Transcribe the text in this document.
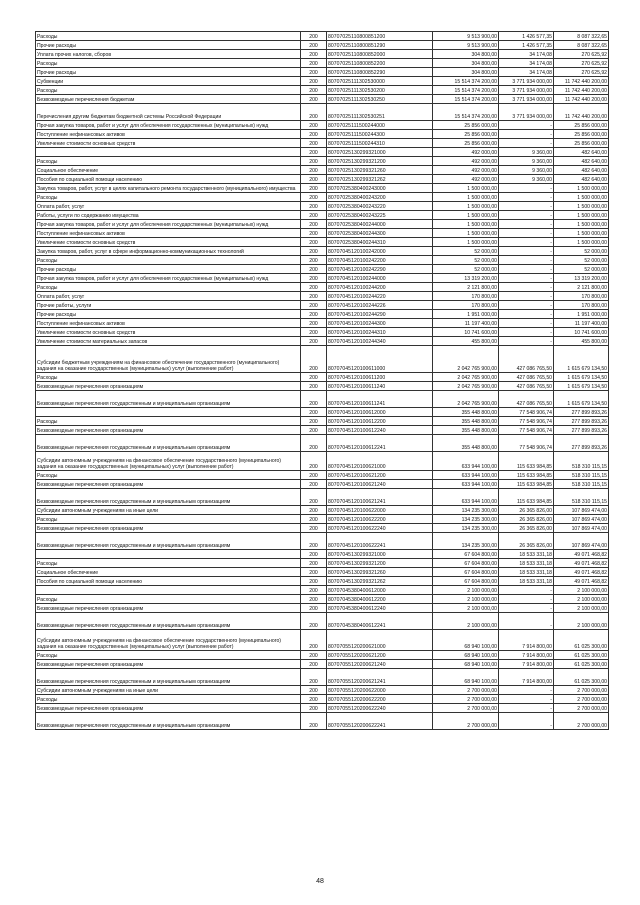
Расходы	200	80707025110800851200	9 513 900,00	1 426 577,35	8 087 322,65
Прочие расходы	200	80707025110800851290	9 513 900,00	1 426 577,35	8 087 322,65
Уплата прочих налогов, сборов	200	80707025110800852000	304 800,00	34 174,08	270 625,92
Расходы	200	80707025110800852200	304 800,00	34 174,08	270 625,92
Прочие расходы	200	80707025110800852290	304 800,00	34 174,08	270 625,92
Субвенции	200	80707025111302530000	15 514 374 200,00	3 771 934 000,00	11 742 440 200,00
Расходы	200	80707025111302530200	15 514 374 200,00	3 771 934 000,00	11 742 440 200,00
Безвозмездные перечисления бюджетам	200	80707025111302530250	15 514 374 200,00	3 771 934 000,00	11 742 440 200,00
Перечисления другим бюджетам бюджетной системы Российской Федерации	200	80707025111302530251	15 514 374 200,00	3 771 934 000,00	11 742 440 200,00
Прочая закупка товаров, работ и услуг для обеспечения государственных (муниципальных) нужд	200	80707025111500244000	25 856 000,00	-	25 856 000,00
Поступление нефинансовых активов	200	80707025111500244300	25 856 000,00	-	25 856 000,00
Увеличение стоимости основных средств	200	80707025111500244310	25 856 000,00	-	25 856 000,00
	200	80707025130299321000	492 000,00	9 360,00	482 640,00
Расходы	200	80707025130299321200	492 000,00	9 360,00	482 640,00
Социальное обеспечение	200	80707025130299321260	492 000,00	9 360,00	482 640,00
Пособия по социальной помощи населению	200	80707025130299321262	492 000,00	9 360,00	482 640,00
Закупка товаров, работ, услуг в целях капитального ремонта государственного (муниципального) имущества	200	80707025380400243000	1 500 000,00	-	1 500 000,00
Расходы	200	80707025380400243200	1 500 000,00	-	1 500 000,00
Оплата работ, услуг	200	80707025380400243220	1 500 000,00	-	1 500 000,00
Работы, услуги по содержанию имущества	200	80707025380400243225	1 500 000,00	-	1 500 000,00
Прочая закупка товаров, работ и услуг для обеспечения государственных (муниципальных) нужд	200	80707025380400244000	1 500 000,00	-	1 500 000,00
Поступление нефинансовых активов	200	80707025380400244300	1 500 000,00	-	1 500 000,00
Увеличение стоимости основных средств	200	80707025380400244310	1 500 000,00	-	1 500 000,00
Закупка товаров, работ, услуг в сфере информационно-коммуникационных технологий	200	80707045120100242000	52 000,00	-	52 000,00
Расходы	200	80707045120100242200	52 000,00	-	52 000,00
Прочие расходы	200	80707045120100242290	52 000,00	-	52 000,00
Прочая закупка товаров, работ и услуг для обеспечения государственных (муниципальных) нужд	200	80707045120100244000	13 319 200,00	-	13 319 200,00
Расходы	200	80707045120100244200	2 121 800,00	-	2 121 800,00
Оплата работ, услуг	200	80707045120100244220	170 800,00	-	170 800,00
Прочие работы, услуги	200	80707045120100244226	170 800,00	-	170 800,00
Прочие расходы	200	80707045120100244290	1 951 000,00	-	1 951 000,00
Поступление нефинансовых активов	200	80707045120100244300	11 197 400,00	-	11 197 400,00
Увеличение стоимости основных средств	200	80707045120100244310	10 741 600,00	-	10 741 600,00
Увеличение стоимости материальных запасов	200	80707045120100244340	455 800,00	-	455 800,00
Субсидии бюджетным учреждениям на финансовое обеспечение государственного (муниципального) задания на оказание государственных (муниципальных) услуг (выполнение работ)	200	80707045120100611000	2 042 765 900,00	427 086 765,50	1 615 679 134,50
Расходы	200	80707045120100611200	2 042 765 900,00	427 086 765,50	1 615 679 134,50
Безвозмездные перечисления организациям	200	80707045120100611240	2 042 765 900,00	427 086 765,50	1 615 679 134,50
Безвозмездные перечисления государственным и муниципальным организациям	200	80707045120100611241	2 042 765 900,00	427 086 765,50	1 615 679 134,50
	200	80707045120100612000	355 448 800,00	77 548 906,74	277 899 893,26
Расходы	200	80707045120100612200	355 448 800,00	77 548 906,74	277 899 893,26
Безвозмездные перечисления организациям	200	80707045120100612240	355 448 800,00	77 548 906,74	277 899 893,26
Безвозмездные перечисления государственным и муниципальным организациям	200	80707045120100612241	355 448 800,00	77 548 906,74	277 899 893,26
Субсидии автономным учреждениям на финансовое обеспечение государственного (муниципального) задания на оказание государственных (муниципальных) услуг (выполнение работ)	200	80707045120100621000	633 944 100,00	115 633 984,85	518 310 115,15
Расходы	200	80707045120100621200	633 944 100,00	115 633 984,85	518 310 115,15
Безвозмездные перечисления организациям	200	80707045120100621240	633 944 100,00	115 633 984,85	518 310 115,15
Безвозмездные перечисления государственным и муниципальным организациям	200	80707045120100621241	633 944 100,00	115 633 984,85	518 310 115,15
Субсидии автономным учреждениям на иные цели	200	80707045120100622000	134 235 300,00	26 365 826,00	107 869 474,00
Расходы	200	80707045120100622200	134 235 300,00	26 365 826,00	107 869 474,00
Безвозмездные перечисления организациям	200	80707045120100622240	134 235 300,00	26 365 826,00	107 869 474,00
Безвозмездные перечисления государственным и муниципальным организациям	200	80707045120100622241	134 235 300,00	26 365 826,00	107 869 474,00
	200	80707045130299321000	67 604 800,00	18 533 331,18	49 071 468,82
Расходы	200	80707045130299321200	67 604 800,00	18 533 331,18	49 071 468,82
Социальное обеспечение	200	80707045130299321260	67 604 800,00	18 533 331,18	49 071 468,82
Пособия по социальной помощи населению	200	80707045130299321262	67 604 800,00	18 533 331,18	49 071 468,82
	200	80707045380400612000	2 100 000,00	-	2 100 000,00
Расходы	200	80707045380400612200	2 100 000,00	-	2 100 000,00
Безвозмездные перечисления организациям	200	80707045380400612240	2 100 000,00	-	2 100 000,00
Безвозмездные перечисления государственным и муниципальным организациям	200	80707045380400612241	2 100 000,00	-	2 100 000,00
Субсидии автономным учреждениям на финансовое обеспечение государственного (муниципального) задания на оказание государственных (муниципальных) услуг (выполнение работ)	200	80707055120200621000	68 940 100,00	7 914 800,00	61 025 300,00
Расходы	200	80707055120200621200	68 940 100,00	7 914 800,00	61 025 300,00
Безвозмездные перечисления организациям	200	80707055120200621240	68 940 100,00	7 914 800,00	61 025 300,00
Безвозмездные перечисления государственным и муниципальным организациям	200	80707055120200621241	68 940 100,00	7 914 800,00	61 025 300,00
Субсидии автономным учреждениям на иные цели	200	80707055120200622000	2 700 000,00	-	2 700 000,00
Расходы	200	80707055120200622200	2 700 000,00	-	2 700 000,00
Безвозмездные перечисления организациям	200	80707055120200622240	2 700 000,00	-	2 700 000,00
Безвозмездные перечисления государственным и муниципальным организациям	200	80707055120200622241	2 700 000,00	-	2 700 000,00
48
